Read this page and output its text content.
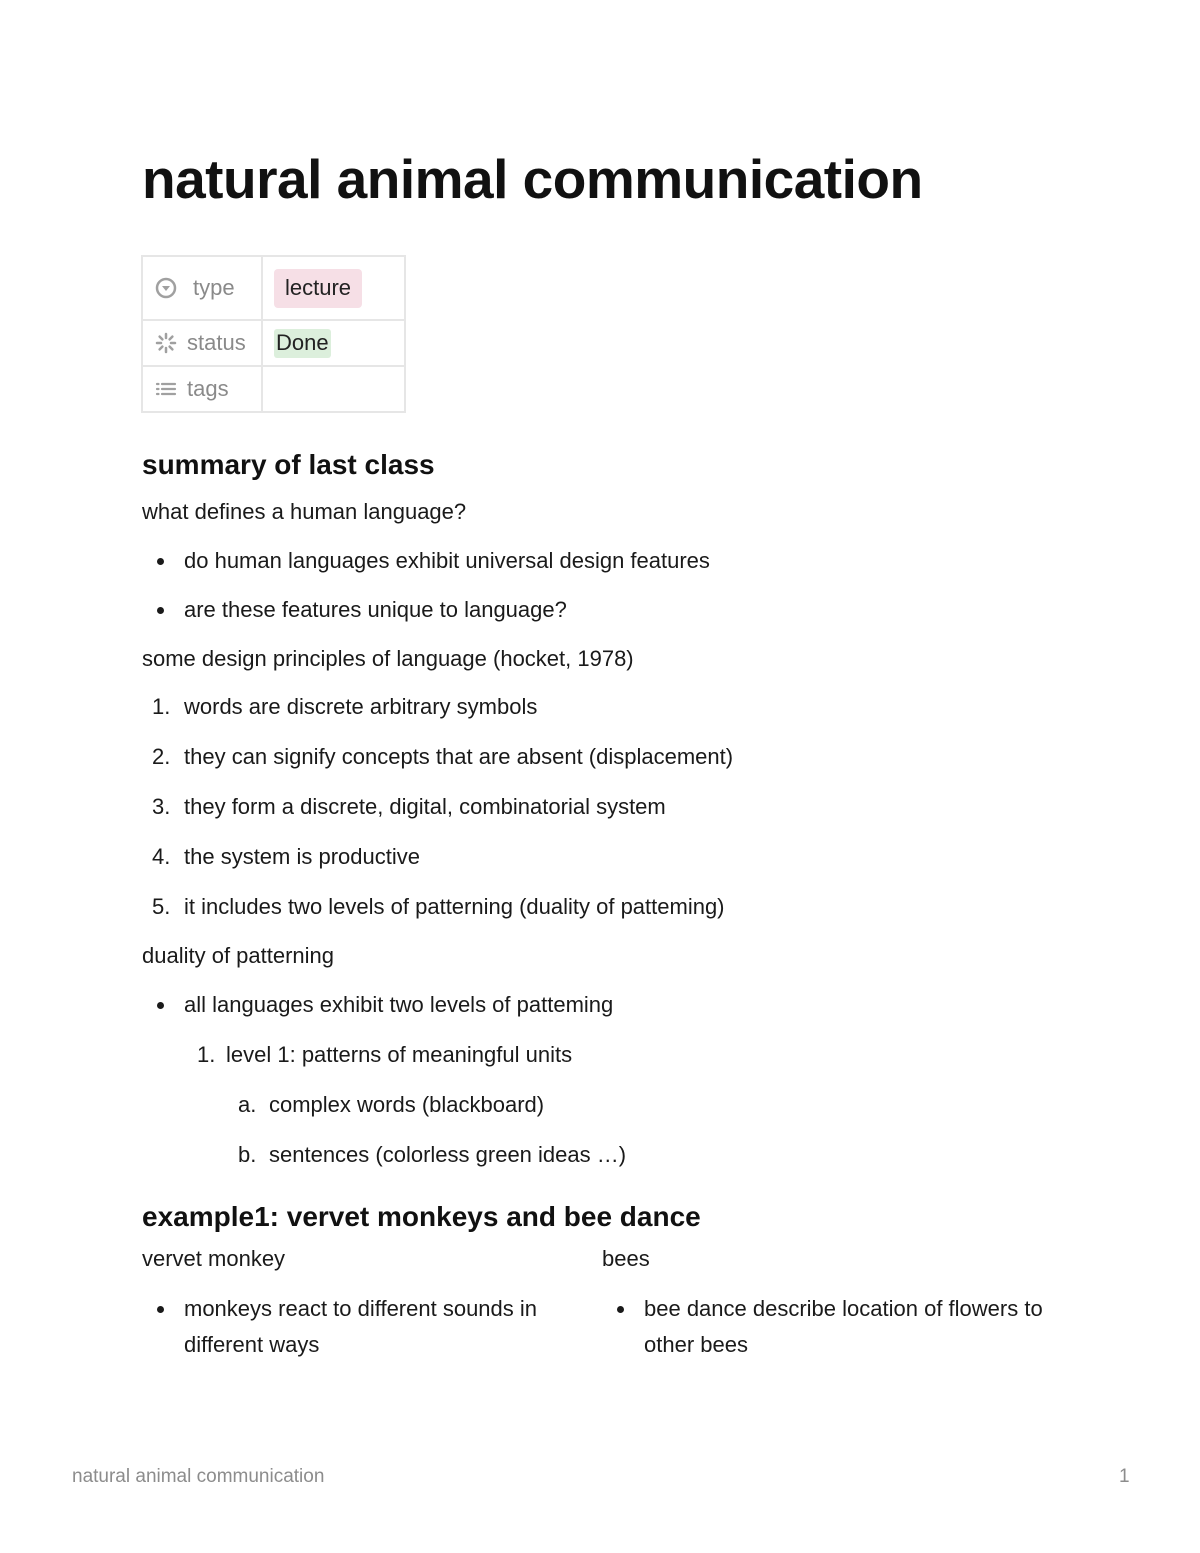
natural animal communication
type	lecture

status	Done

tags	

summary of last class

what defines a human language?

do human languages exhibit universal design features
are these features unique to language?

some design principles of language (hocket, 1978)

1. words are discrete arbitrary symbols
2. they can signify concepts that are absent (displacement)
3. they form a discrete, digital, combinatorial system
4. the system is productive
5. it includes two levels of patterning (duality of patteming)

duality of patterning

all languages exhibit two levels of patteming
1. level 1: patterns of meaningful units
a. complex words (blackboard)
b. sentences (colorless green ideas …)
example1: vervet monkeys and bee dance

vervet monkey

monkeys react to different sounds in different ways

bees

bee dance describe location of flowers to other bees
natural animal communication	1
